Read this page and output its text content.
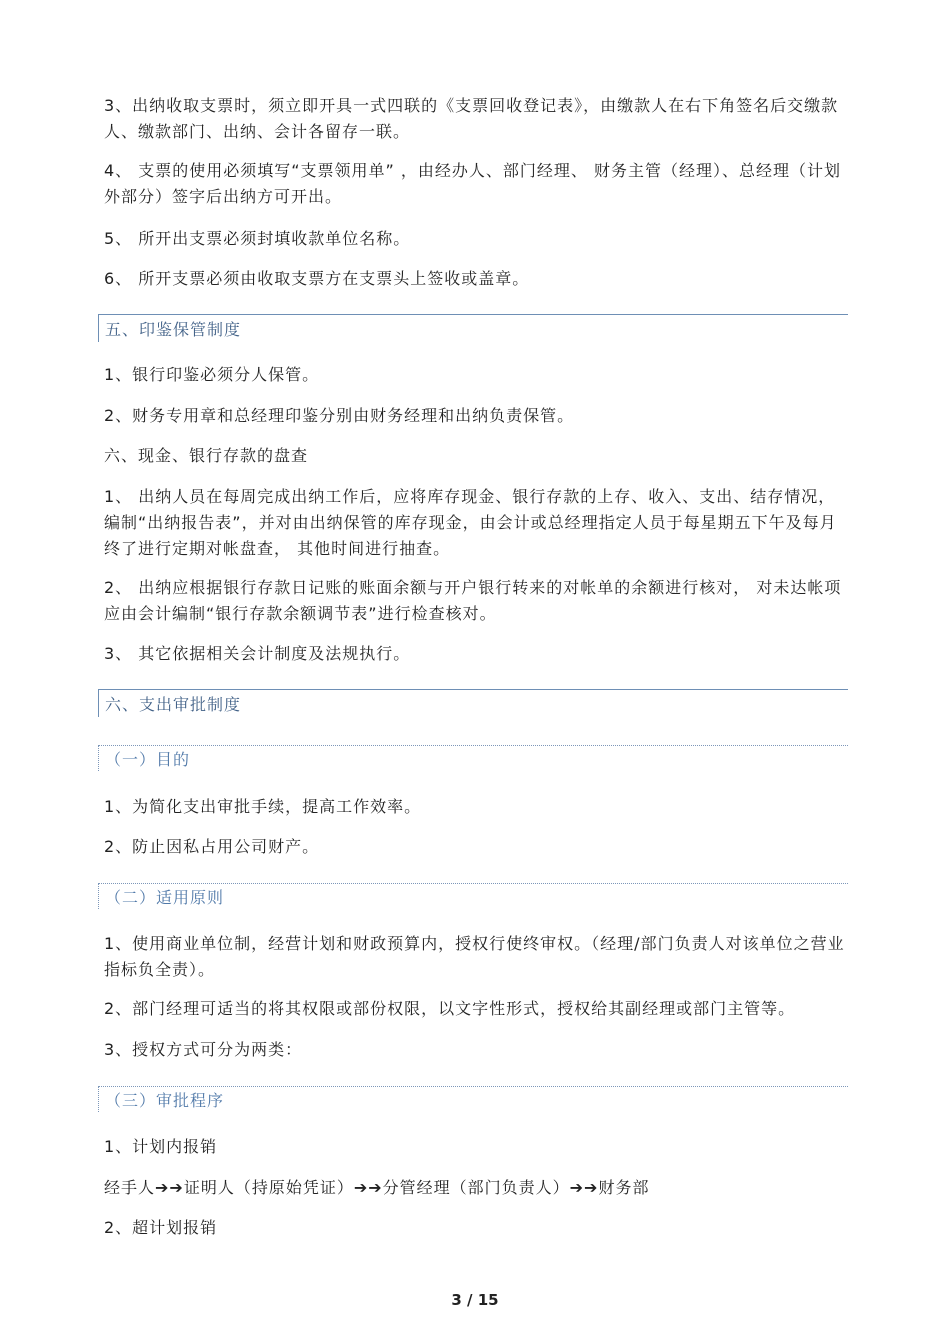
3、出纳收取支票时，须立即开具一式四联的《支票回收登记表》，由缴款人在右下角签名后交缴款人、缴款部门、出纳、会计各留存一联。

4、 支票的使用必须填写“支票领用单” ，由经办人、部门经理、 财务主管（经理）、总经理（计划外部分）签字后出纳方可开出。

5、 所开出支票必须封填收款单位名称。

6、 所开支票必须由收取支票方在支票头上签收或盖章。

五、印鉴保管制度

1、银行印鉴必须分人保管。

2、财务专用章和总经理印鉴分别由财务经理和出纳负责保管。

六、现金、银行存款的盘查

1、 出纳人员在每周完成出纳工作后，应将库存现金、银行存款的上存、收入、支出、结存情况，编制“出纳报告表”，并对由出纳保管的库存现金，由会计或总经理指定人员于每星期五下午及每月终了进行定期对帐盘查， 其他时间进行抽查。

2、 出纳应根据银行存款日记账的账面余额与开户银行转来的对帐单的余额进行核对， 对未达帐项应由会计编制“银行存款余额调节表”进行检查核对。

3、 其它依据相关会计制度及法规执行。

六、支出审批制度
（一）目的

1、为简化支出审批手续，提高工作效率。

2、防止因私占用公司财产。

（二）适用原则

1、使用商业单位制，经营计划和财政预算内，授权行使终审权。（经理/部门负责人对该单位之营业指标负全责）。

2、部门经理可适当的将其权限或部份权限，以文字性形式，授权给其副经理或部门主管等。

3、授权方式可分为两类：

（三）审批程序

1、计划内报销

经手人➔➔证明人（持原始凭证）➔➔分管经理（部门负责人）➔➔财务部

2、超计划报销

3 / 15
